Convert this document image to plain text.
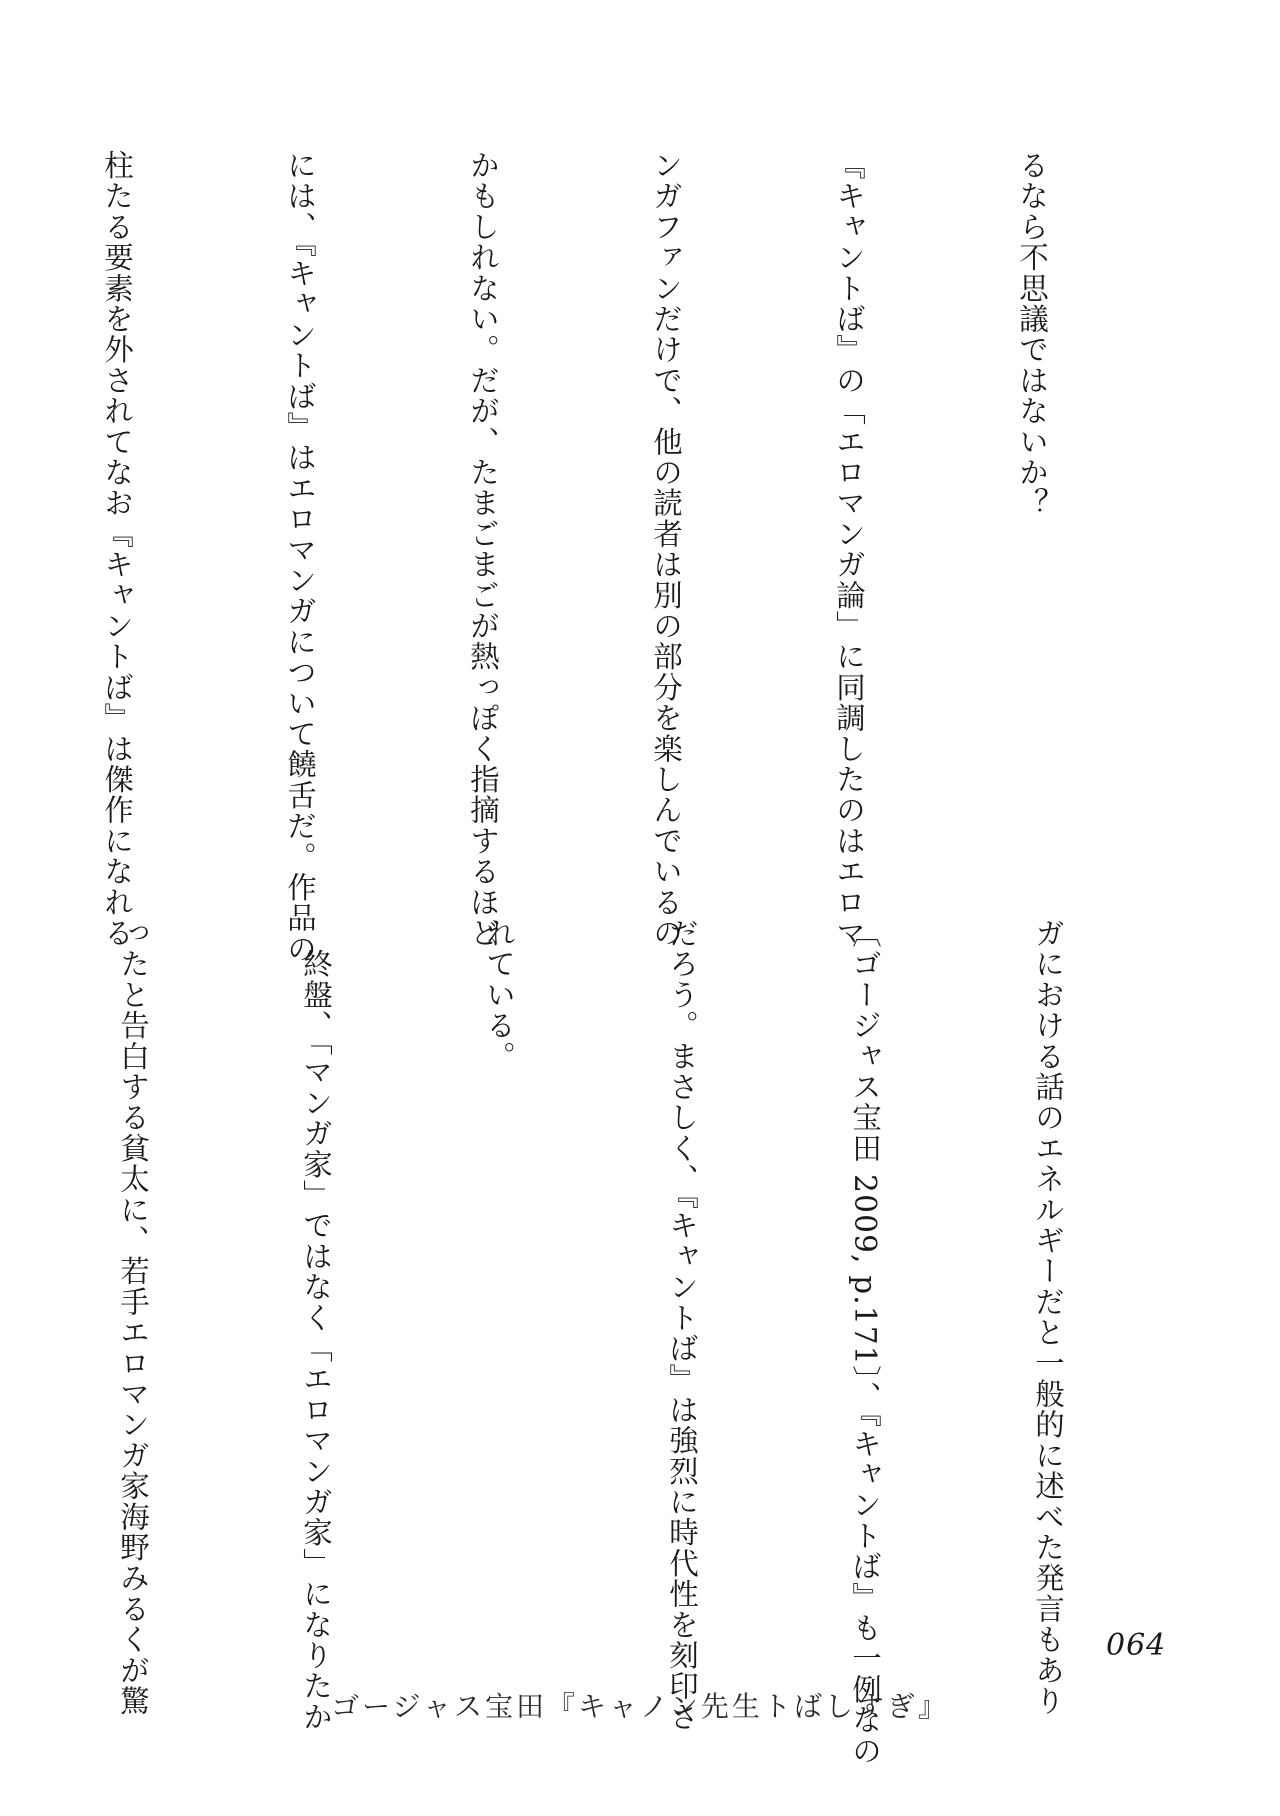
るなら不思議ではないか？

『キャントば』の「エロマンガ論」に同調したのはエロマ

ンガファンだけで、他の読者は別の部分を楽しんでいるの

かもしれない。だが、たまごまごが熱っぽく指摘するほど

には、『キャントば』はエロマンガについて饒舌だ。作品の

柱たる要素を外されてなお『キャントば』は傑作になれる

ガにおける話のエネルギーだと一般的に述べた発言もあり

〔ゴージャス宝田 2009, p.171〕、『キャントば』も一例なの

だろう。まさしく、『キャントば』は強烈に時代性を刻印さ

れている。

　終盤、「マンガ家」ではなく「エロマンガ家」になりたか

ったと告白する貧太に、若手エロマンガ家海野みるくが驚

	064
ゴージャス宝田『キャノン先生トばしすぎ』
